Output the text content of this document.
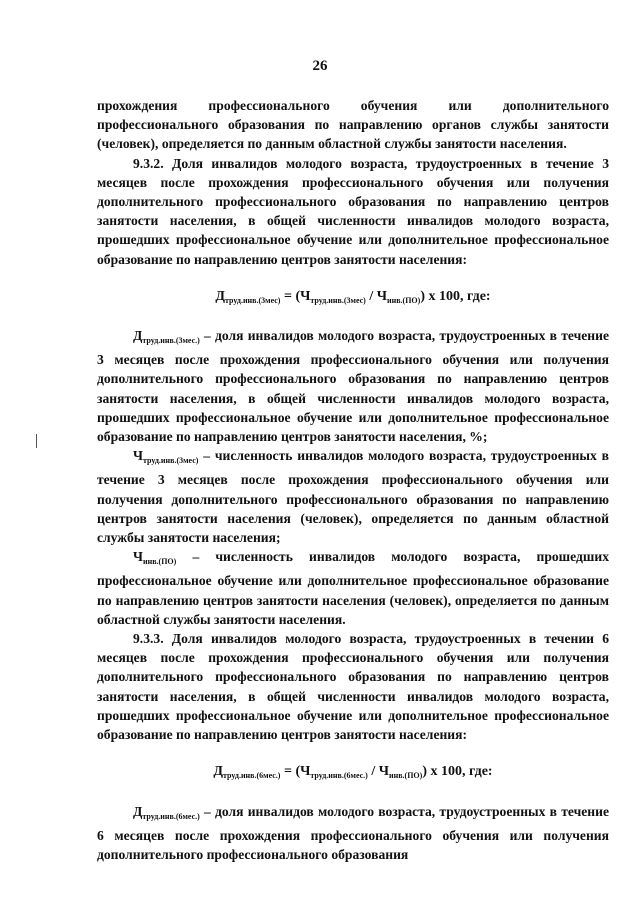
26

прохождения профессионального обучения или дополнительного профессионального образования по направлению органов службы занятости (человек), определяется по данным областной службы занятости населения.

9.3.2. Доля инвалидов молодого возраста, трудоустроенных в течение 3 месяцев после прохождения профессионального обучения или получения дополнительного профессионального образования по направлению центров занятости населения, в общей численности инвалидов молодого возраста, прошедших профессиональное обучение или дополнительное профессиональное образование по направлению центров занятости населения:

$Д_{труд.инв.(3мес)} = (Ч_{труд.инв.(3мес)} / Ч_{инв.(ПО)})$ х 100, где:

$Д_{труд.инв.(3мес.)}$ – доля инвалидов молодого возраста, трудоустроенных в течение 3 месяцев после прохождения профессионального обучения или получения дополнительного профессионального образования по направлению центров занятости населения, в общей численности инвалидов молодого возраста, прошедших профессиональное обучение или дополнительное профессиональное образование по направлению центров занятости населения, %;

$Ч_{труд.инв.(3мес)}$ – численность инвалидов молодого возраста, трудоустроенных в течение 3 месяцев после прохождения профессионального обучения или получения дополнительного профессионального образования по направлению центров занятости населения (человек), определяется по данным областной службы занятости населения;

$Ч_{инв.(ПО)}$ – численность инвалидов молодого возраста, прошедших профессиональное обучение или дополнительное профессиональное образование по направлению центров занятости населения (человек), определяется по данным областной службы занятости населения.

9.3.3. Доля инвалидов молодого возраста, трудоустроенных в течении 6 месяцев после прохождения профессионального обучения или получения дополнительного профессионального образования по направлению центров занятости населения, в общей численности инвалидов молодого возраста, прошедших профессиональное обучение или дополнительное профессиональное образование по направлению центров занятости населения:

$Д_{труд.инв.(6мес.)} = (Ч_{труд.инв.(6мес.)} / Ч_{инв.(ПО)})$ х 100, где:

$Д_{труд.инв.(6мес.)}$ – доля инвалидов молодого возраста, трудоустроенных в течение 6 месяцев после прохождения профессионального обучения или получения дополнительного профессионального образования
